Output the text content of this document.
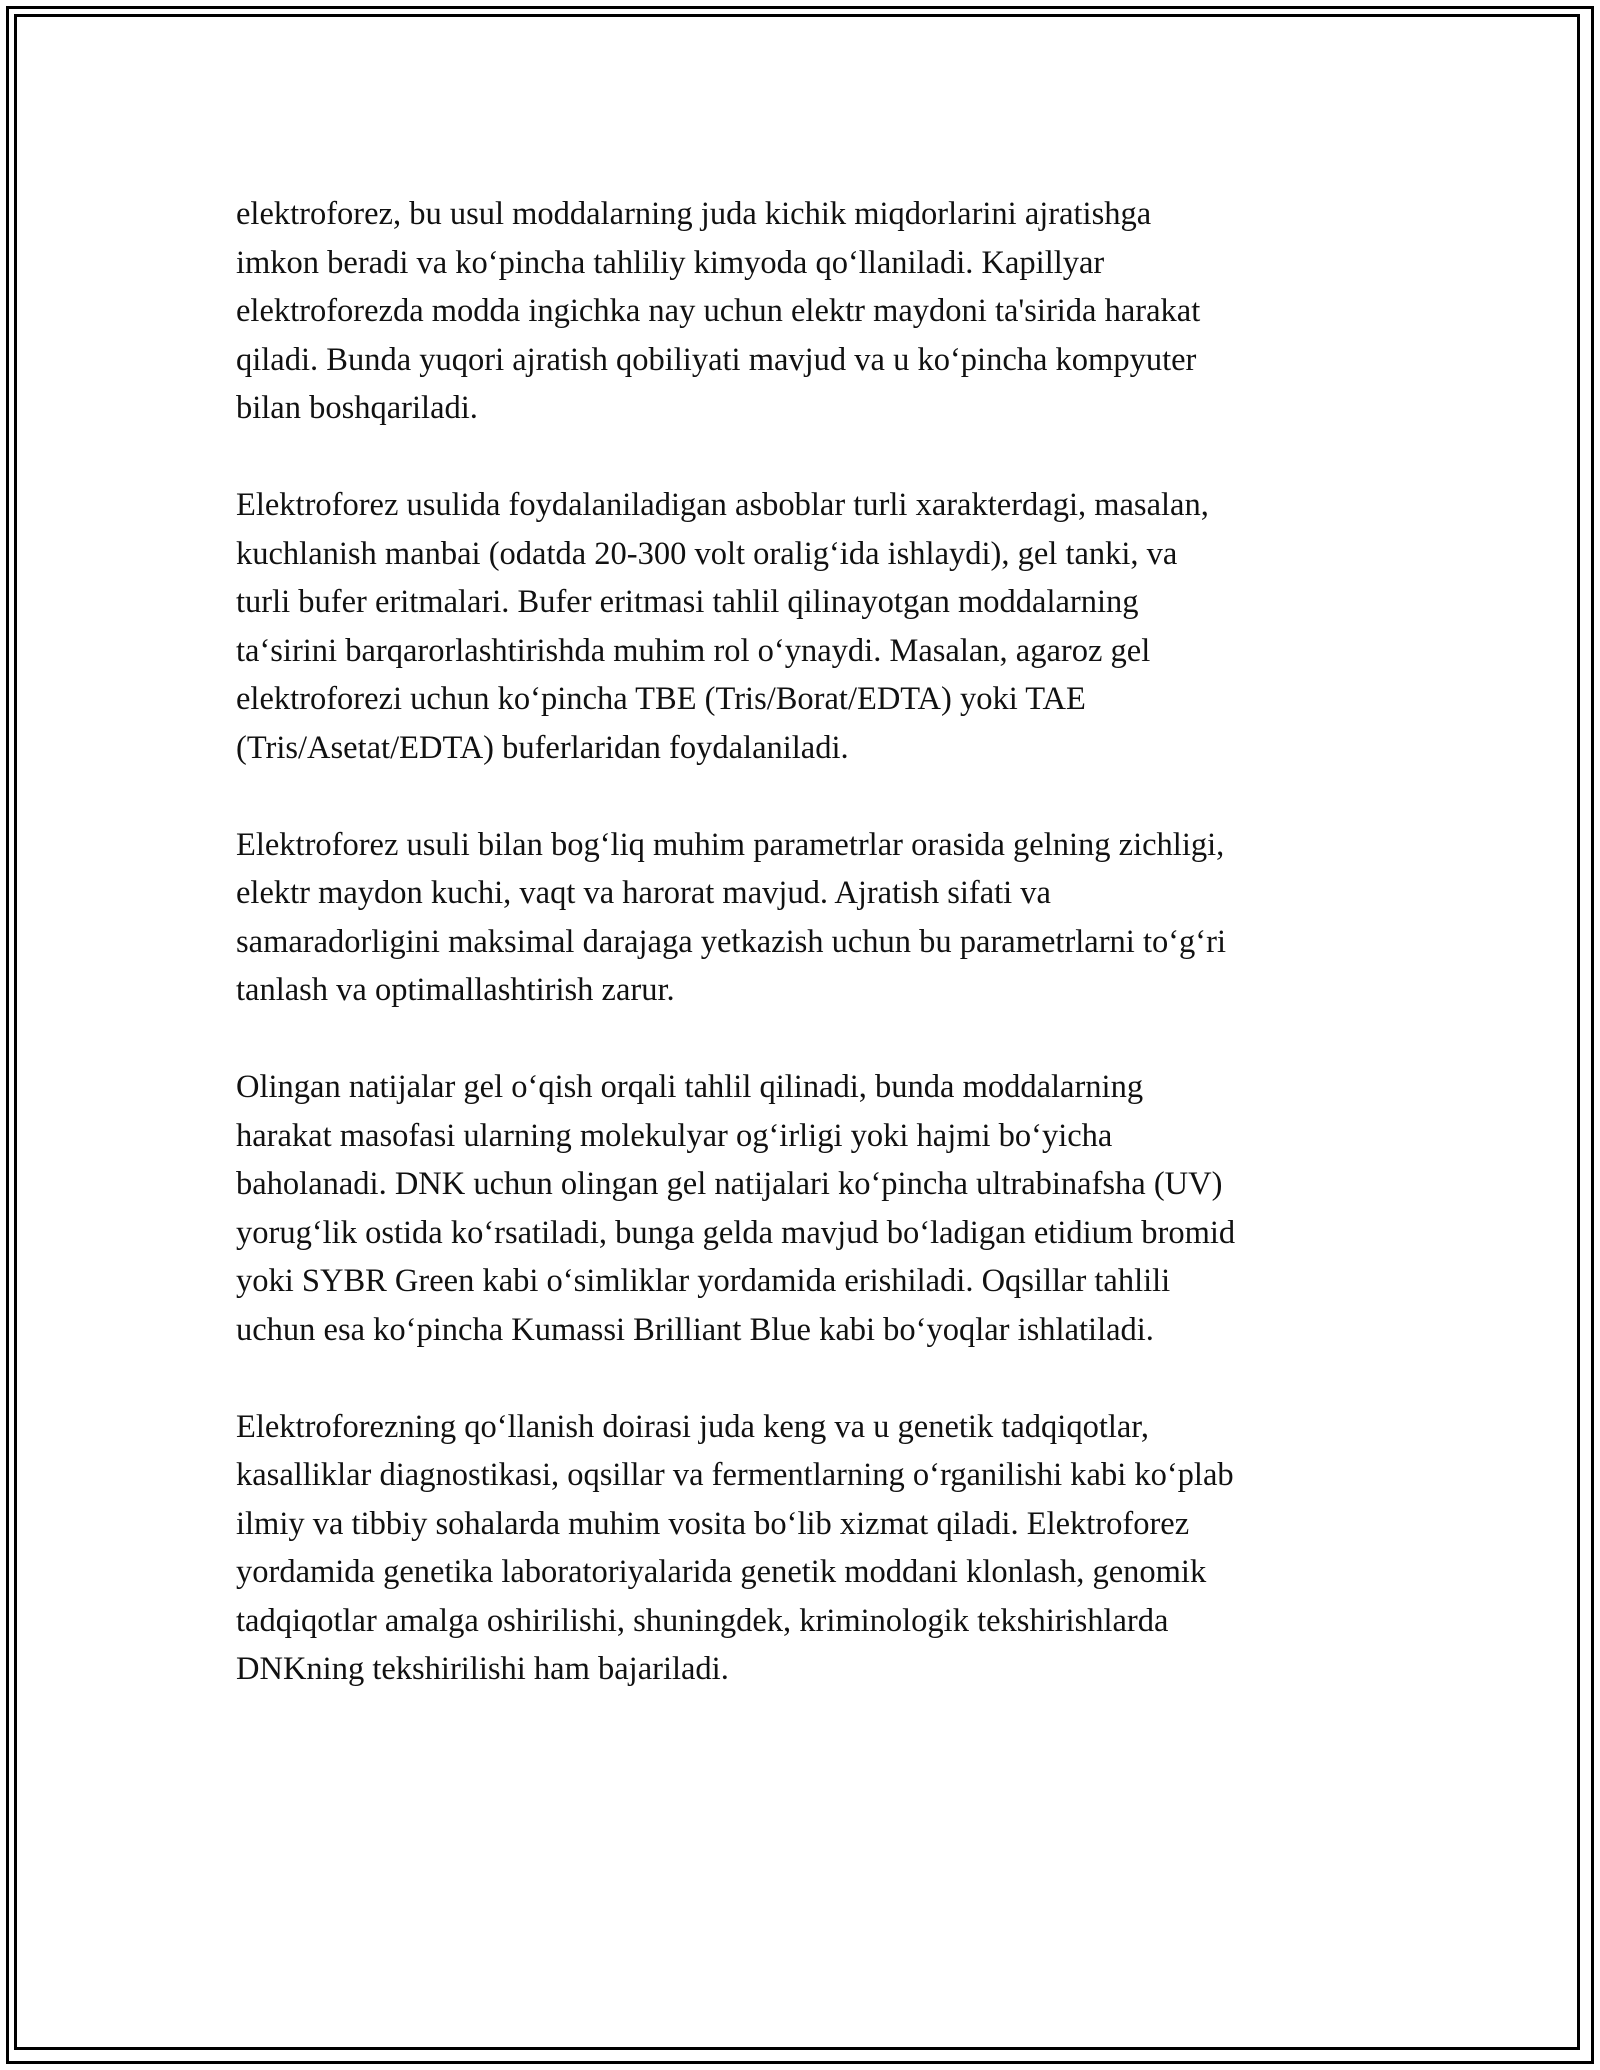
elektroforez, bu usul moddalarning juda kichik miqdorlarini ajratishga
imkon beradi va ko‘pincha tahliliy kimyoda qo‘llaniladi. Kapillyar
elektroforezda modda ingichka nay uchun elektr maydoni ta'sirida harakat
qiladi. Bunda yuqori ajratish qobiliyati mavjud va u ko‘pincha kompyuter
bilan boshqariladi.
Elektroforez usulida foydalaniladigan asboblar turli xarakterdagi, masalan,
kuchlanish manbai (odatda 20-300 volt oralig‘ida ishlaydi), gel tanki, va
turli bufer eritmalari. Bufer eritmasi tahlil qilinayotgan moddalarning
ta‘sirini barqarorlashtirishda muhim rol o‘ynaydi. Masalan, agaroz gel
elektroforezi uchun ko‘pincha TBE (Tris/Borat/EDTA) yoki TAE
(Tris/Asetat/EDTA) buferlaridan foydalaniladi.
Elektroforez usuli bilan bog‘liq muhim parametrlar orasida gelning zichligi,
elektr maydon kuchi, vaqt va harorat mavjud. Ajratish sifati va
samaradorligini maksimal darajaga yetkazish uchun bu parametrlarni to‘g‘ri
tanlash va optimallashtirish zarur.
Olingan natijalar gel o‘qish orqali tahlil qilinadi, bunda moddalarning
harakat masofasi ularning molekulyar og‘irligi yoki hajmi bo‘yicha
baholanadi. DNK uchun olingan gel natijalari ko‘pincha ultrabinafsha (UV)
yorug‘lik ostida ko‘rsatiladi, bunga gelda mavjud bo‘ladigan etidium bromid
yoki SYBR Green kabi o‘simliklar yordamida erishiladi. Oqsillar tahlili
uchun esa ko‘pincha Kumassi Brilliant Blue kabi bo‘yoqlar ishlatiladi.
Elektroforezning qo‘llanish doirasi juda keng va u genetik tadqiqotlar,
kasalliklar diagnostikasi, oqsillar va fermentlarning o‘rganilishi kabi ko‘plab
ilmiy va tibbiy sohalarda muhim vosita bo‘lib xizmat qiladi. Elektroforez
yordamida genetika laboratoriyalarida genetik moddani klonlash, genomik
tadqiqotlar amalga oshirilishi, shuningdek, kriminologik tekshirishlarda
DNKning tekshirilishi ham bajariladi.
